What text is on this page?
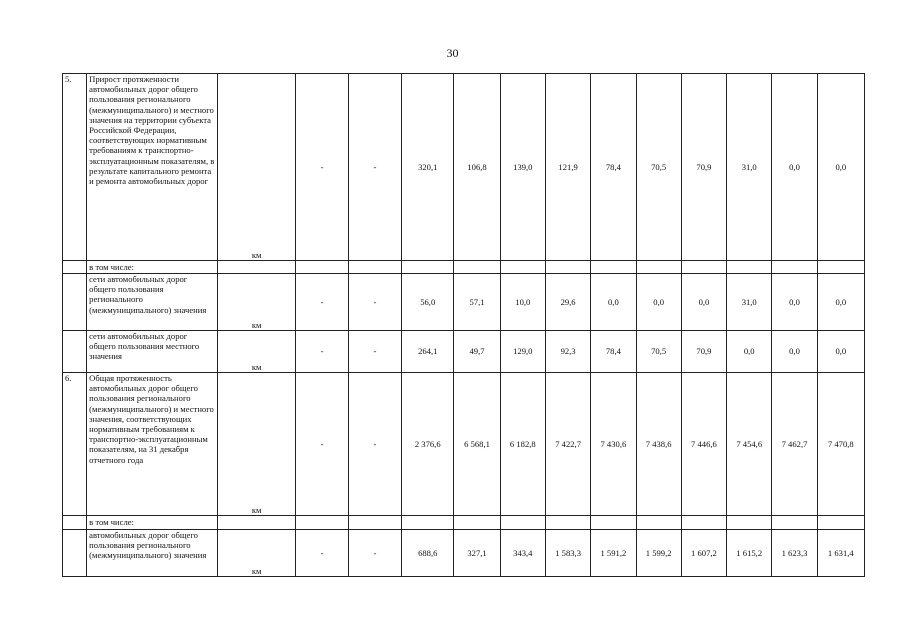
30
5.	Прирост протяженности автомобильных дорог общего пользования регионального (межмуниципального) и местного значения на территории субъекта Российской Федерации, соответствующих нормативным требованиям к транспортно-эксплуатационным показателям, в результате капитального ремонта и ремонта автомобильных дорог	км	-	-	320,1	106,8	139,0	121,9	78,4	70,5	70,9	31,0	0,0	0,0
	в том числе:													
	сети автомобильных дорог общего пользования регионального (межмуниципального) значения	км	-	-	56,0	57,1	10,0	29,6	0,0	0,0	0,0	31,0	0,0	0,0
	сети автомобильных дорог общего пользования местного значения	км	-	-	264,1	49,7	129,0	92,3	78,4	70,5	70,9	0,0	0,0	0,0
6.	Общая протяженность автомобильных дорог общего пользования регионального (межмуниципального) и местного значения, соответствующих нормативным требованиям к транспортно-эксплуатационным показателям, на 31 декабря отчетного года	км	-	-	2 376,6	6 568,1	6 182,8	7 422,7	7 430,6	7 438,6	7 446,6	7 454,6	7 462,7	7 470,8
	в том числе:													
	автомобильных дорог общего пользования регионального (межмуниципального) значения	км	-	-	688,6	327,1	343,4	1 583,3	1 591,2	1 599,2	1 607,2	1 615,2	1 623,3	1 631,4
